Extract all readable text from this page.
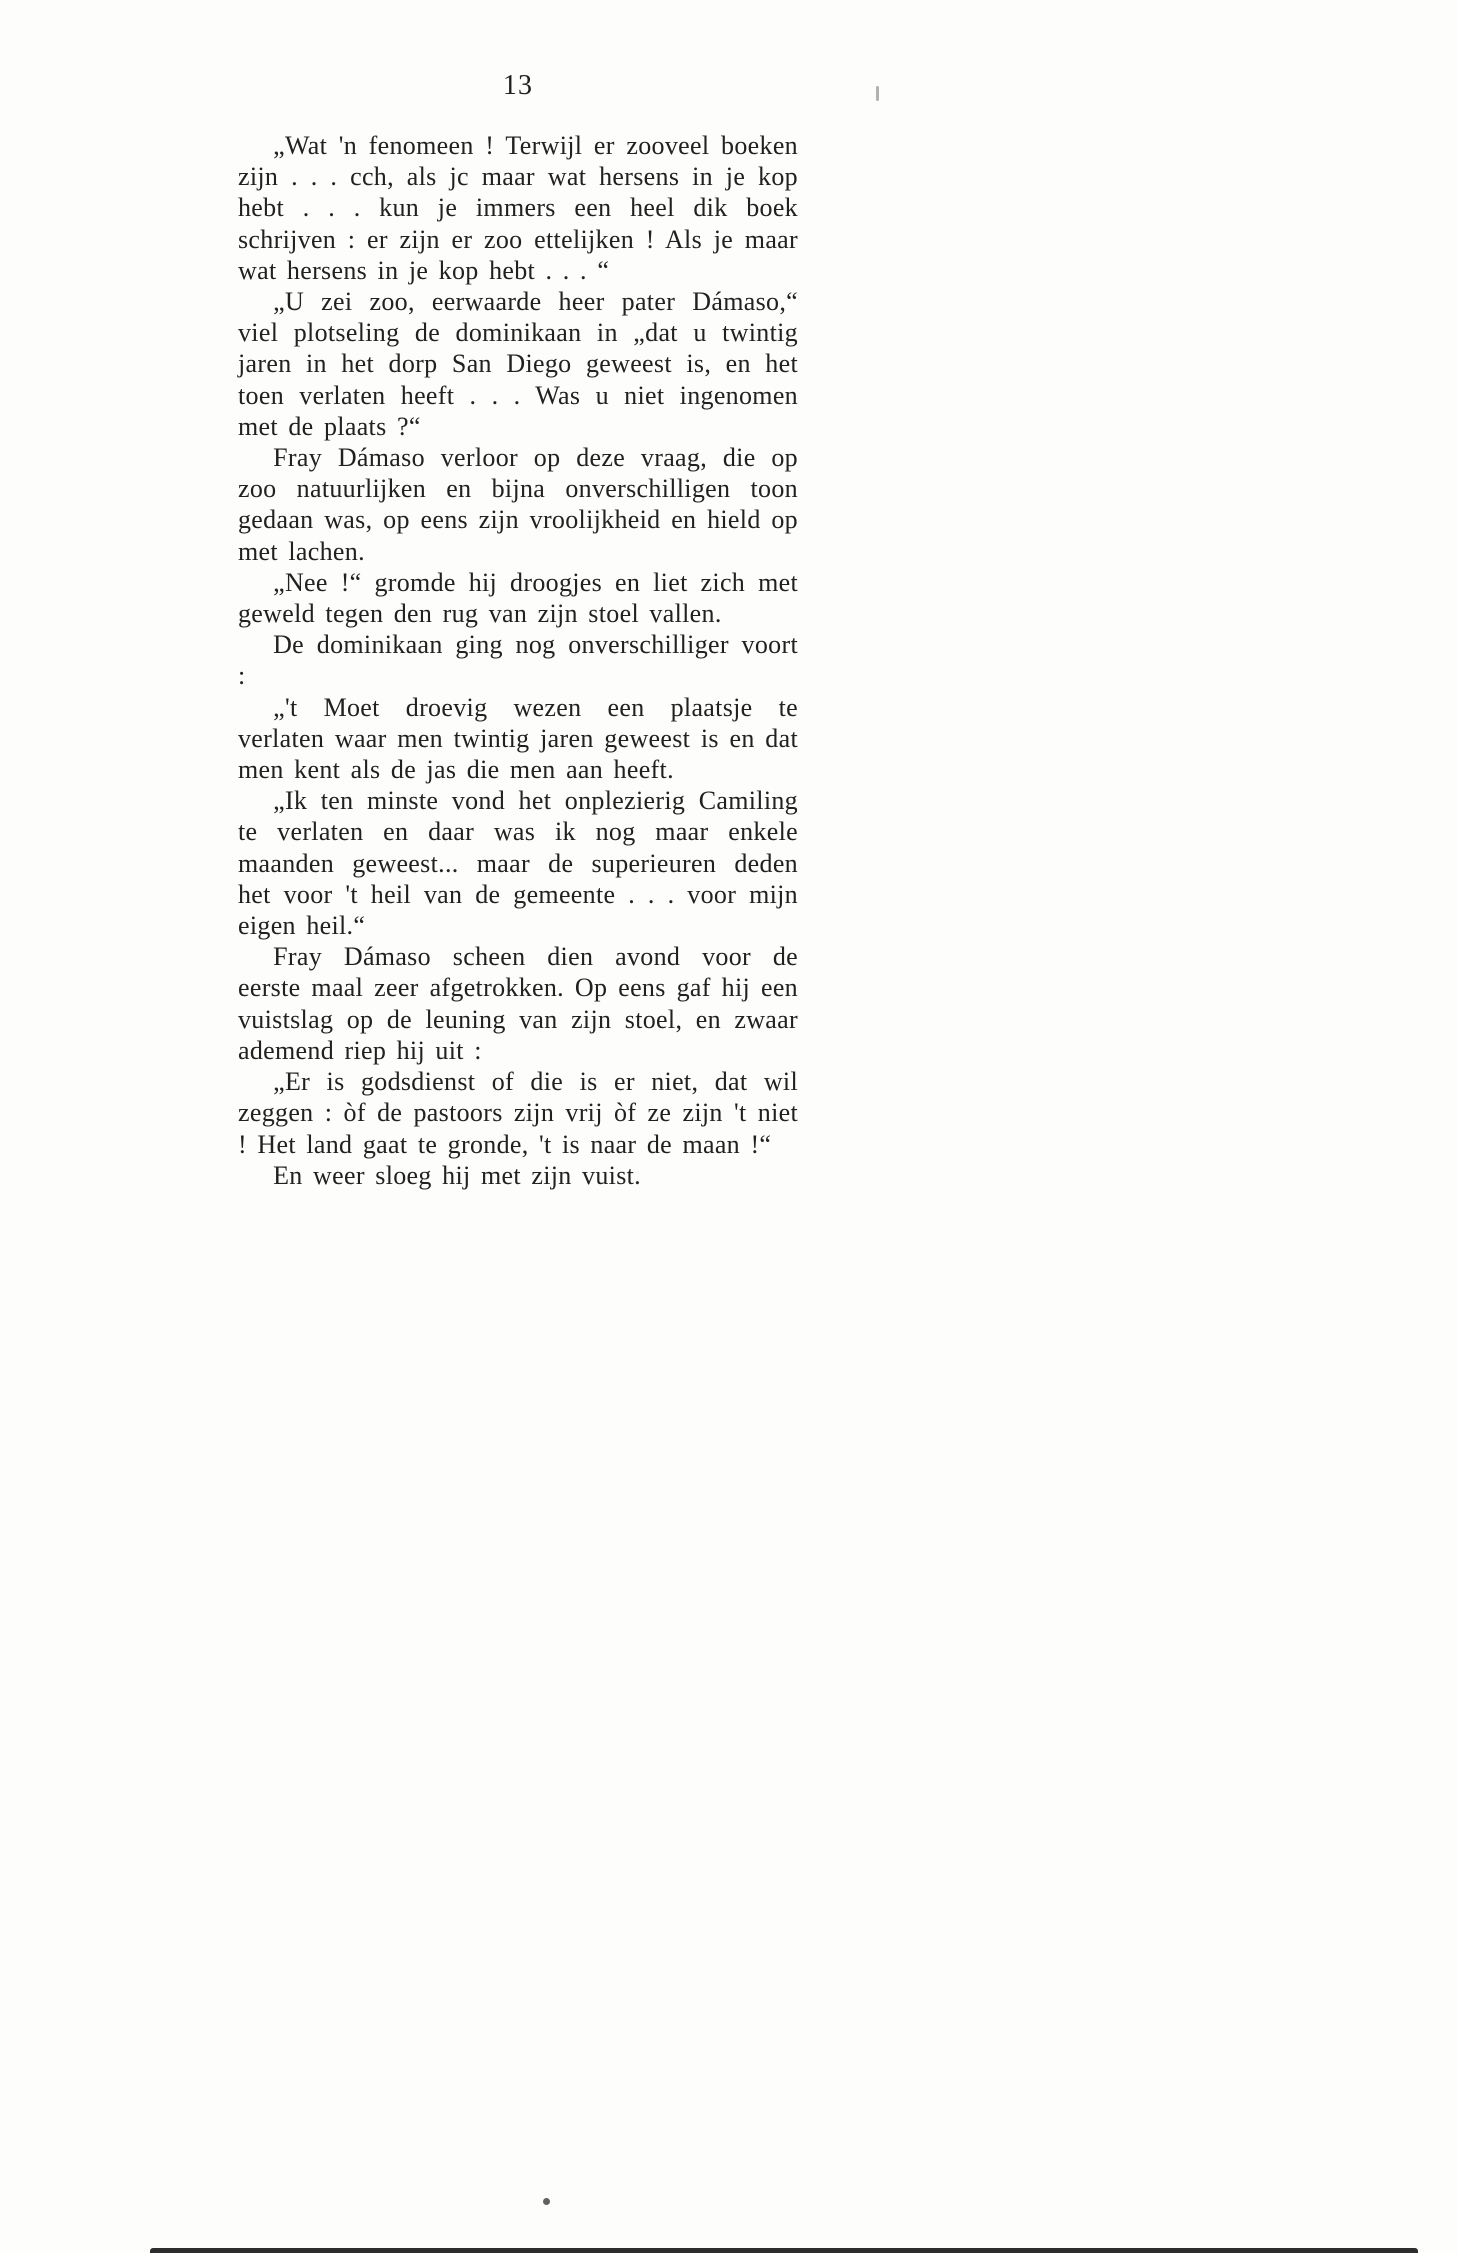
13

„Wat 'n fenomeen ! Terwijl er zooveel boeken zijn . . . cch, als jc maar wat hersens in je kop hebt . . . kun je immers een heel dik boek schrijven : er zijn er zoo ettelijken ! Als je maar wat hersens in je kop hebt . . . “

„U zei zoo, eerwaarde heer pater Dámaso,“ viel plotseling de dominikaan in „dat u twintig jaren in het dorp San Diego geweest is, en het toen verlaten heeft . . . Was u niet ingenomen met de plaats ?“

Fray Dámaso verloor op deze vraag, die op zoo natuurlijken en bijna onverschilligen toon gedaan was, op eens zijn vroolijkheid en hield op met lachen.

„Nee !“ gromde hij droogjes en liet zich met geweld tegen den rug van zijn stoel vallen.

De dominikaan ging nog onverschilliger voort :

„'t Moet droevig wezen een plaatsje te verlaten waar men twintig jaren geweest is en dat men kent als de jas die men aan heeft.

„Ik ten minste vond het onplezierig Camiling te verlaten en daar was ik nog maar enkele maanden geweest... maar de superieuren deden het voor 't heil van de gemeente . . . voor mijn eigen heil.“

Fray Dámaso scheen dien avond voor de eerste maal zeer afgetrokken. Op eens gaf hij een vuistslag op de leuning van zijn stoel, en zwaar ademend riep hij uit :

„Er is godsdienst of die is er niet, dat wil zeggen : òf de pastoors zijn vrij òf ze zijn 't niet ! Het land gaat te gronde, 't is naar de maan !“

En weer sloeg hij met zijn vuist.
